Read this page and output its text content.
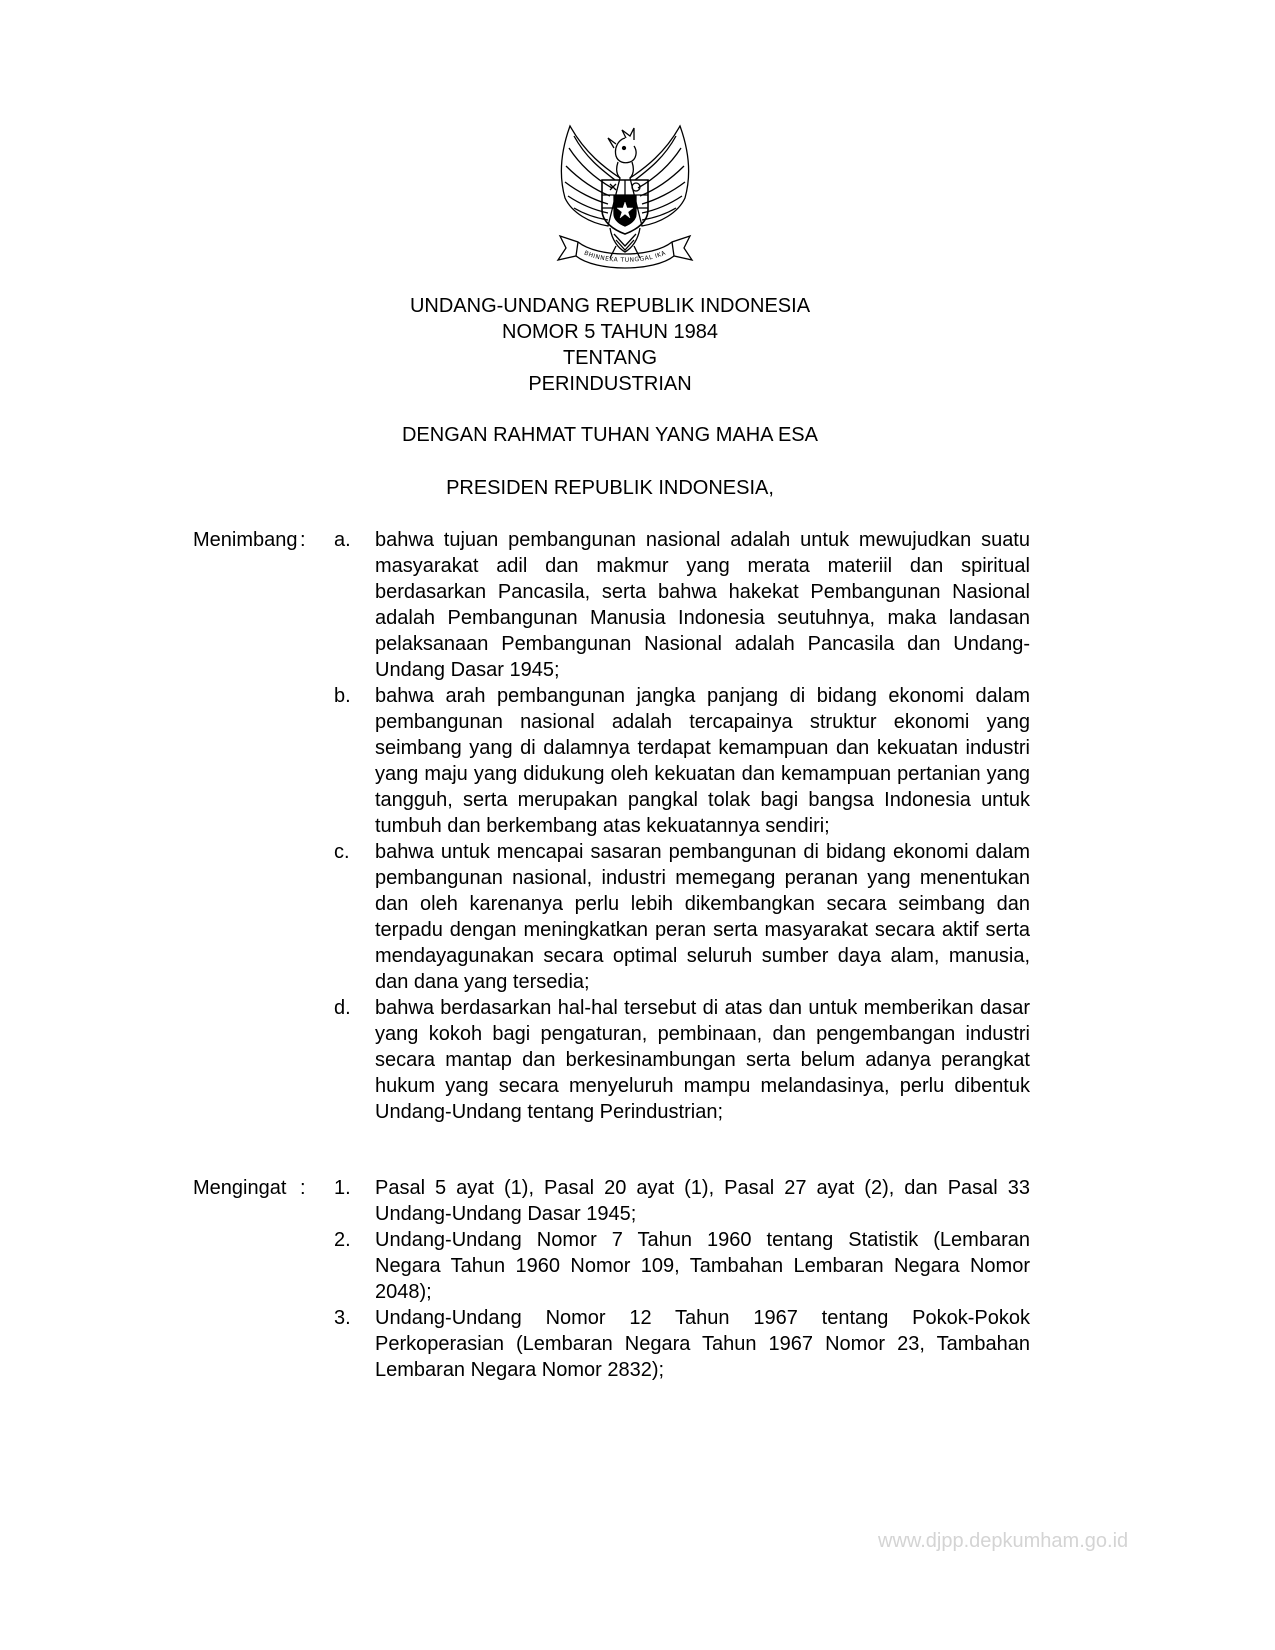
BHINNEKA TUNGGAL IKA
UNDANG-UNDANG REPUBLIK INDONESIA
NOMOR 5 TAHUN 1984
TENTANG
PERINDUSTRIAN
DENGAN RAHMAT TUHAN YANG MAHA ESA
PRESIDEN REPUBLIK INDONESIA,
Menimbang : a. bahwa tujuan pembangunan nasional adalah untuk mewujudkan suatu masyarakat adil dan makmur yang merata materiil dan spiritual berdasarkan Pancasila, serta bahwa hakekat Pembangunan Nasional adalah Pembangunan Manusia Indonesia seutuhnya, maka landasan pelaksanaan Pembangunan Nasional adalah Pancasila dan Undang-Undang Dasar 1945;
b. bahwa arah pembangunan jangka panjang di bidang ekonomi dalam pembangunan nasional adalah tercapainya struktur ekonomi yang seimbang yang di dalamnya terdapat kemampuan dan kekuatan industri yang maju yang didukung oleh kekuatan dan kemampuan pertanian yang tangguh, serta merupakan pangkal tolak bagi bangsa Indonesia untuk tumbuh dan berkembang atas kekuatannya sendiri;
c. bahwa untuk mencapai sasaran pembangunan di bidang ekonomi dalam pembangunan nasional, industri memegang peranan yang menentukan dan oleh karenanya perlu lebih dikembangkan secara seimbang dan terpadu dengan meningkatkan peran serta masyarakat secara aktif serta mendayagunakan secara optimal seluruh sumber daya alam, manusia, dan dana yang tersedia;
d. bahwa berdasarkan hal-hal tersebut di atas dan untuk memberikan dasar yang kokoh bagi pengaturan, pembinaan, dan pengembangan industri secara mantap dan berkesinambungan serta belum adanya perangkat hukum yang secara menyeluruh mampu melandasinya, perlu dibentuk Undang-Undang tentang Perindustrian;
Mengingat : 1. Pasal 5 ayat (1), Pasal 20 ayat (1), Pasal 27 ayat (2), dan Pasal 33 Undang-Undang Dasar 1945;
2. Undang-Undang Nomor 7 Tahun 1960 tentang Statistik (Lembaran Negara Tahun 1960 Nomor 109, Tambahan Lembaran Negara Nomor 2048);
3. Undang-Undang Nomor 12 Tahun 1967 tentang Pokok-Pokok Perkoperasian (Lembaran Negara Tahun 1967 Nomor 23, Tambahan Lembaran Negara Nomor 2832);
www.djpp.depkumham.go.id
